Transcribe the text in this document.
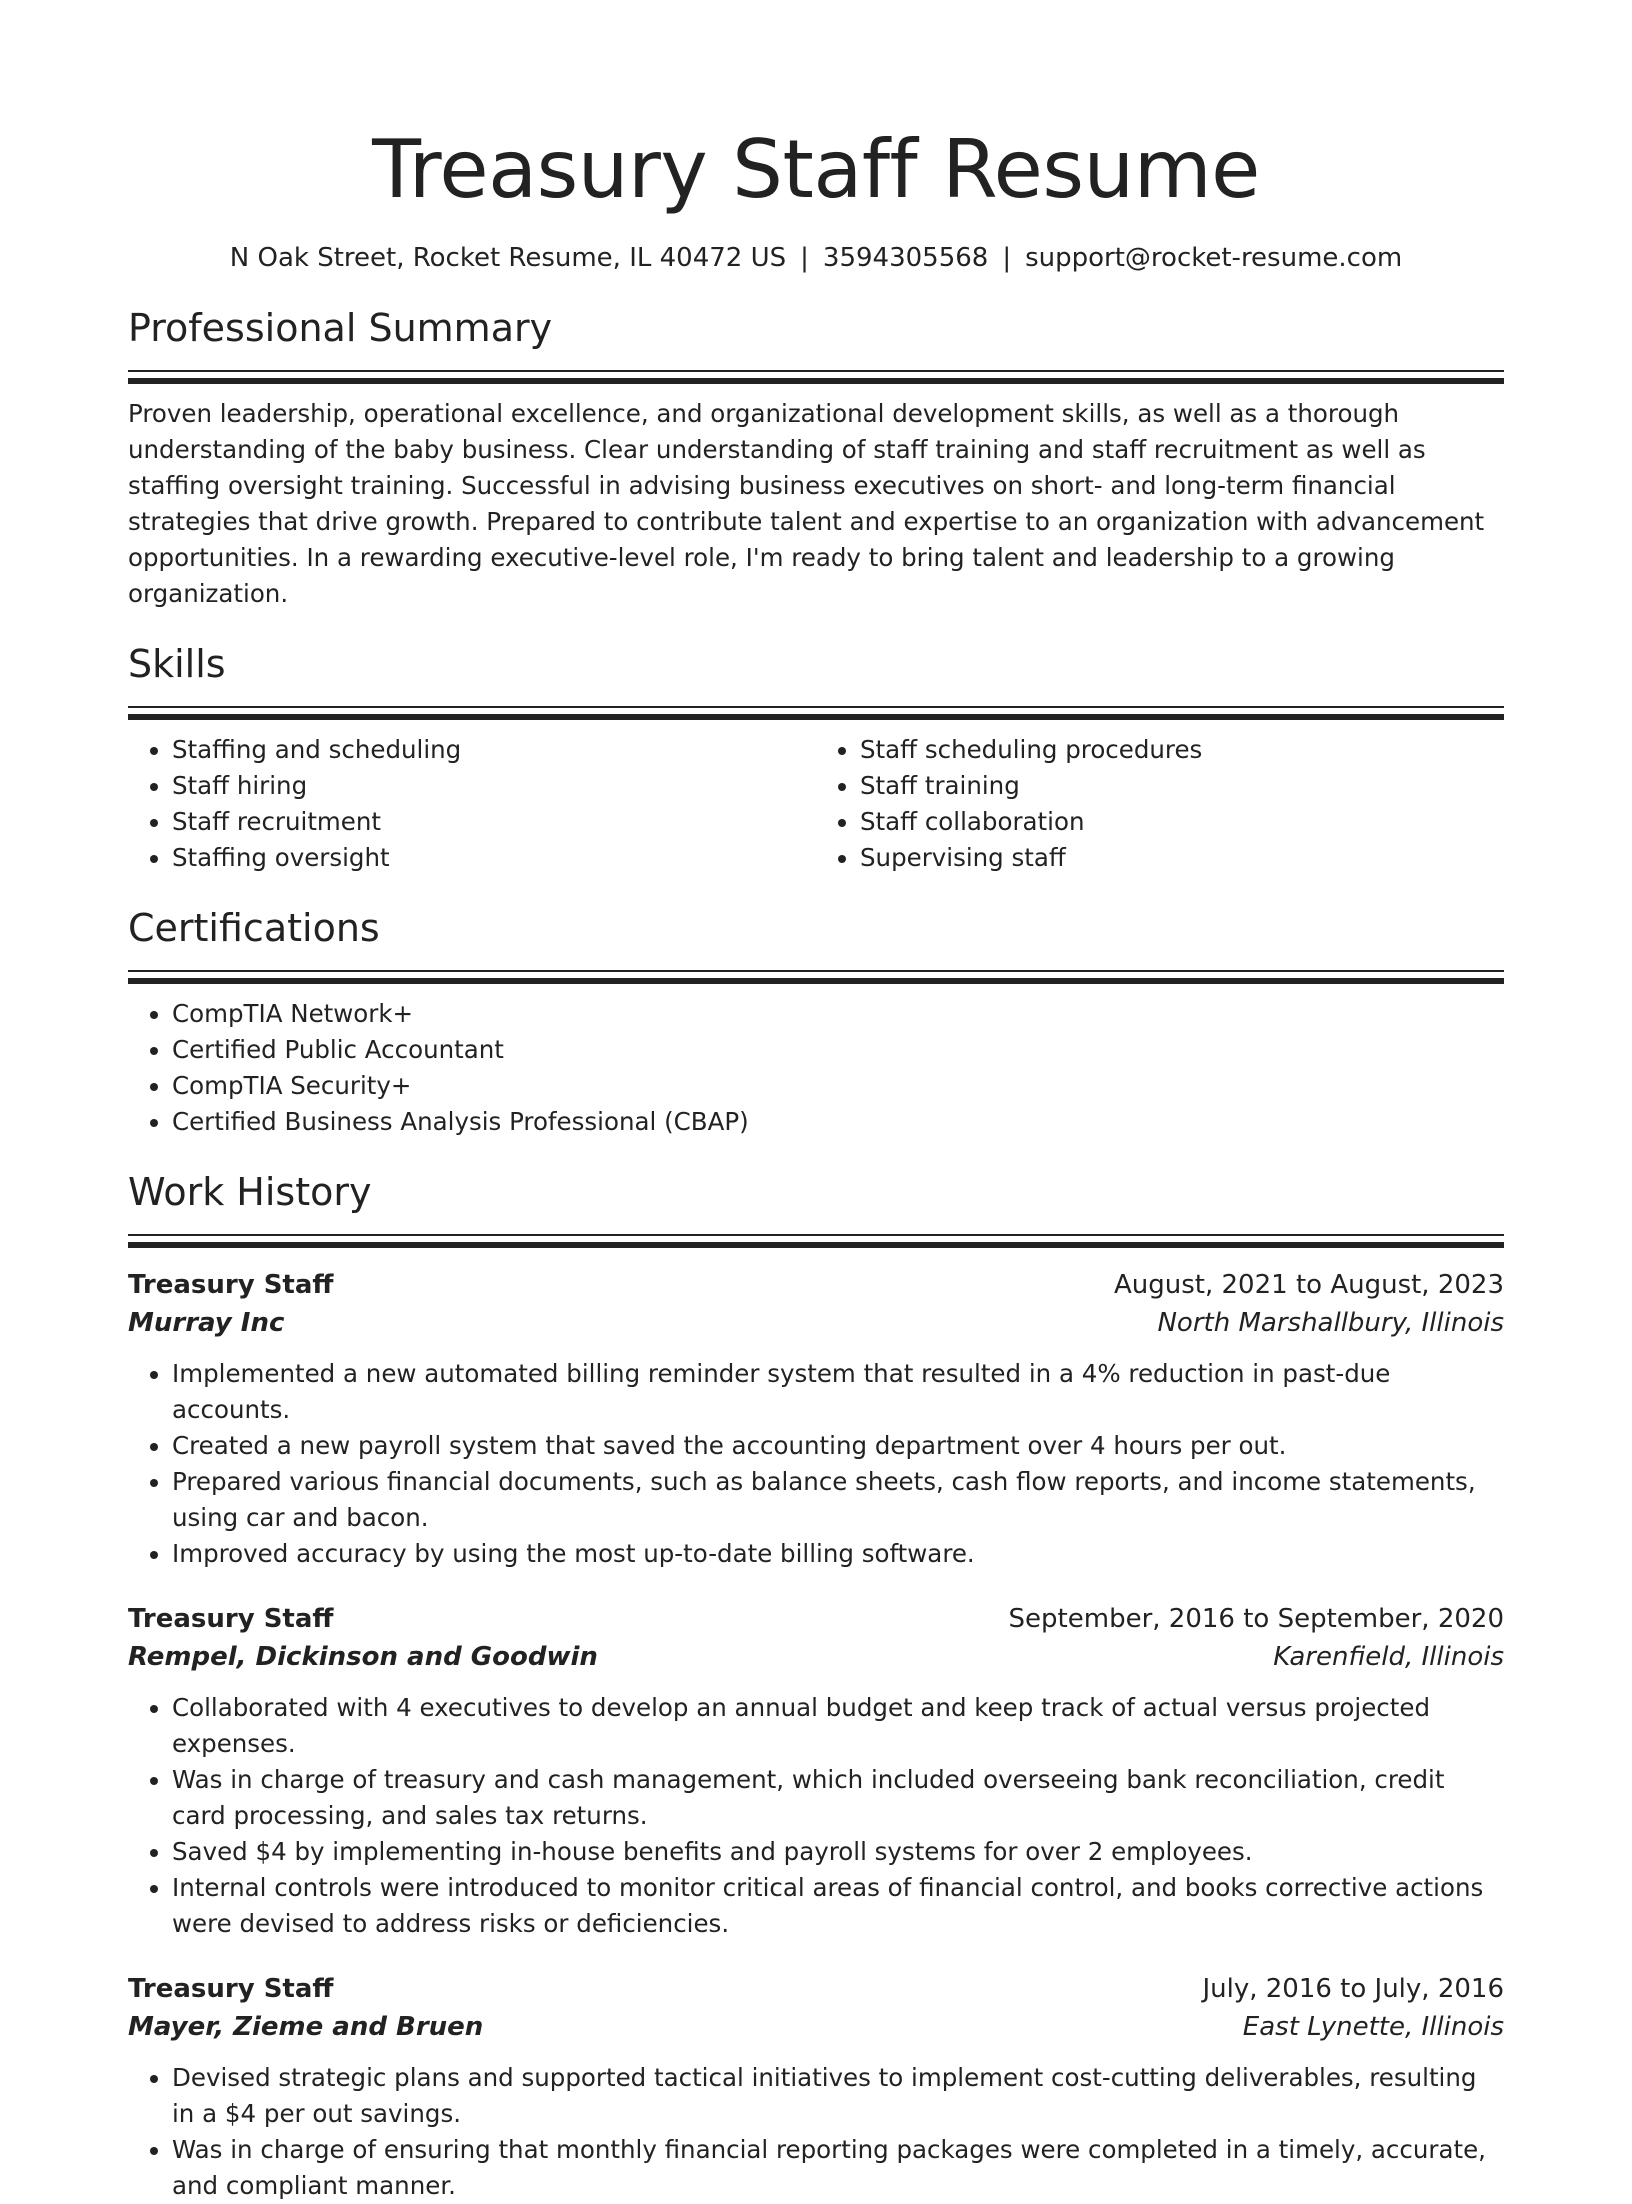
Treasury Staff Resume
N Oak Street, Rocket Resume, IL 40472 US | 3594305568 | support@rocket-resume.com
Professional Summary

Proven leadership, operational excellence, and organizational development skills, as well as a thorough understanding of the baby business. Clear understanding of staff training and staff recruitment as well as staffing oversight training. Successful in advising business executives on short- and long-term financial strategies that drive growth. Prepared to contribute talent and expertise to an organization with advancement opportunities. In a rewarding executive-level role, I'm ready to bring talent and leadership to a growing organization.

Skills
• Staffing and scheduling
• Staff hiring
• Staff recruitment
• Staffing oversight
• Staff scheduling procedures
• Staff training
• Staff collaboration
• Supervising staff
Certifications
• CompTIA Network+
• Certified Public Accountant
• CompTIA Security+
• Certified Business Analysis Professional (CBAP)
Work History
Treasury Staff	August, 2021 to August, 2023
Murray Inc	North Marshallbury, Illinois
• Implemented a new automated billing reminder system that resulted in a 4% reduction in past-due accounts.
• Created a new payroll system that saved the accounting department over 4 hours per out.
• Prepared various financial documents, such as balance sheets, cash flow reports, and income statements, using car and bacon.
• Improved accuracy by using the most up-to-date billing software.
Treasury Staff	September, 2016 to September, 2020
Rempel, Dickinson and Goodwin	Karenfield, Illinois
• Collaborated with 4 executives to develop an annual budget and keep track of actual versus projected expenses.
• Was in charge of treasury and cash management, which included overseeing bank reconciliation, credit card processing, and sales tax returns.
• Saved $4 by implementing in-house benefits and payroll systems for over 2 employees.
• Internal controls were introduced to monitor critical areas of financial control, and books corrective actions were devised to address risks or deficiencies.
Treasury Staff	July, 2016 to July, 2016
Mayer, Zieme and Bruen	East Lynette, Illinois
• Devised strategic plans and supported tactical initiatives to implement cost-cutting deliverables, resulting in a $4 per out savings.
• Was in charge of ensuring that monthly financial reporting packages were completed in a timely, accurate, and compliant manner.
